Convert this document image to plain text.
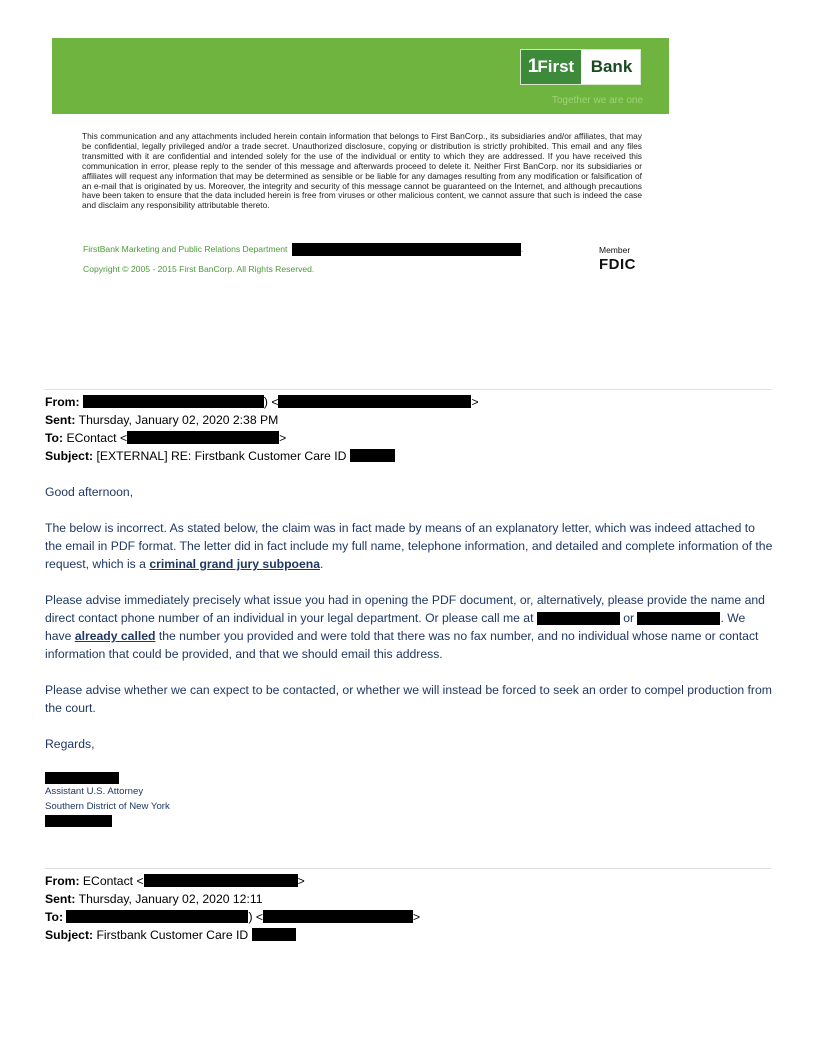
1First Bank
Together we are one
This communication and any attachments included herein contain information that belongs to First BanCorp., its subsidiaries and/or affiliates, that may be confidential, legally privileged and/or a trade secret. Unauthorized disclosure, copying or distribution is strictly prohibited. This email and any files transmitted with it are confidential and intended solely for the use of the individual or entity to which they are addressed. If you have received this communication in error, please reply to the sender of this message and afterwards proceed to delete it. Neither First BanCorp. nor its subsidiaries or affiliates will request any information that may be determined as sensible or be liable for any damages resulting from any modification or falsification of an e-mail that is originated by us. Moreover, the integrity and security of this message cannot be guaranteed on the Internet, and although precautions have been taken to ensure that the data included herein is free from viruses or other malicious content, we cannot assure that such is indeed the case and disclaim any responsibility attributable thereto.
FirstBank Marketing and Public Relations Department	.
Copyright © 2005 - 2015 First BanCorp. All Rights Reserved.
Member
FDIC
From:	) <	>
Sent: Thursday, January 02, 2020 2:38 PM
To: EContact <	>
Subject: [EXTERNAL] RE: Firstbank Customer Care ID

Good afternoon,

The below is incorrect. As stated below, the claim was in fact made by means of an explanatory letter, which was indeed attached to the email in PDF format. The letter did in fact include my full name, telephone information, and detailed and complete information of the request, which is a criminal grand jury subpoena.

Please advise immediately precisely what issue you had in opening the PDF document, or, alternatively, please provide the name and direct contact phone number of an individual in your legal department. Or please call me at	or	. We have already called the number you provided and were told that there was no fax number, and no individual whose name or contact information that could be provided, and that we should email this address.

Please advise whether we can expect to be contacted, or whether we will instead be forced to seek an order to compel production from the court.

Regards,

Assistant U.S. Attorney
Southern District of New York
From: EContact <	>
Sent: Thursday, January 02, 2020 12:11
To:	) <	>
Subject: Firstbank Customer Care ID
